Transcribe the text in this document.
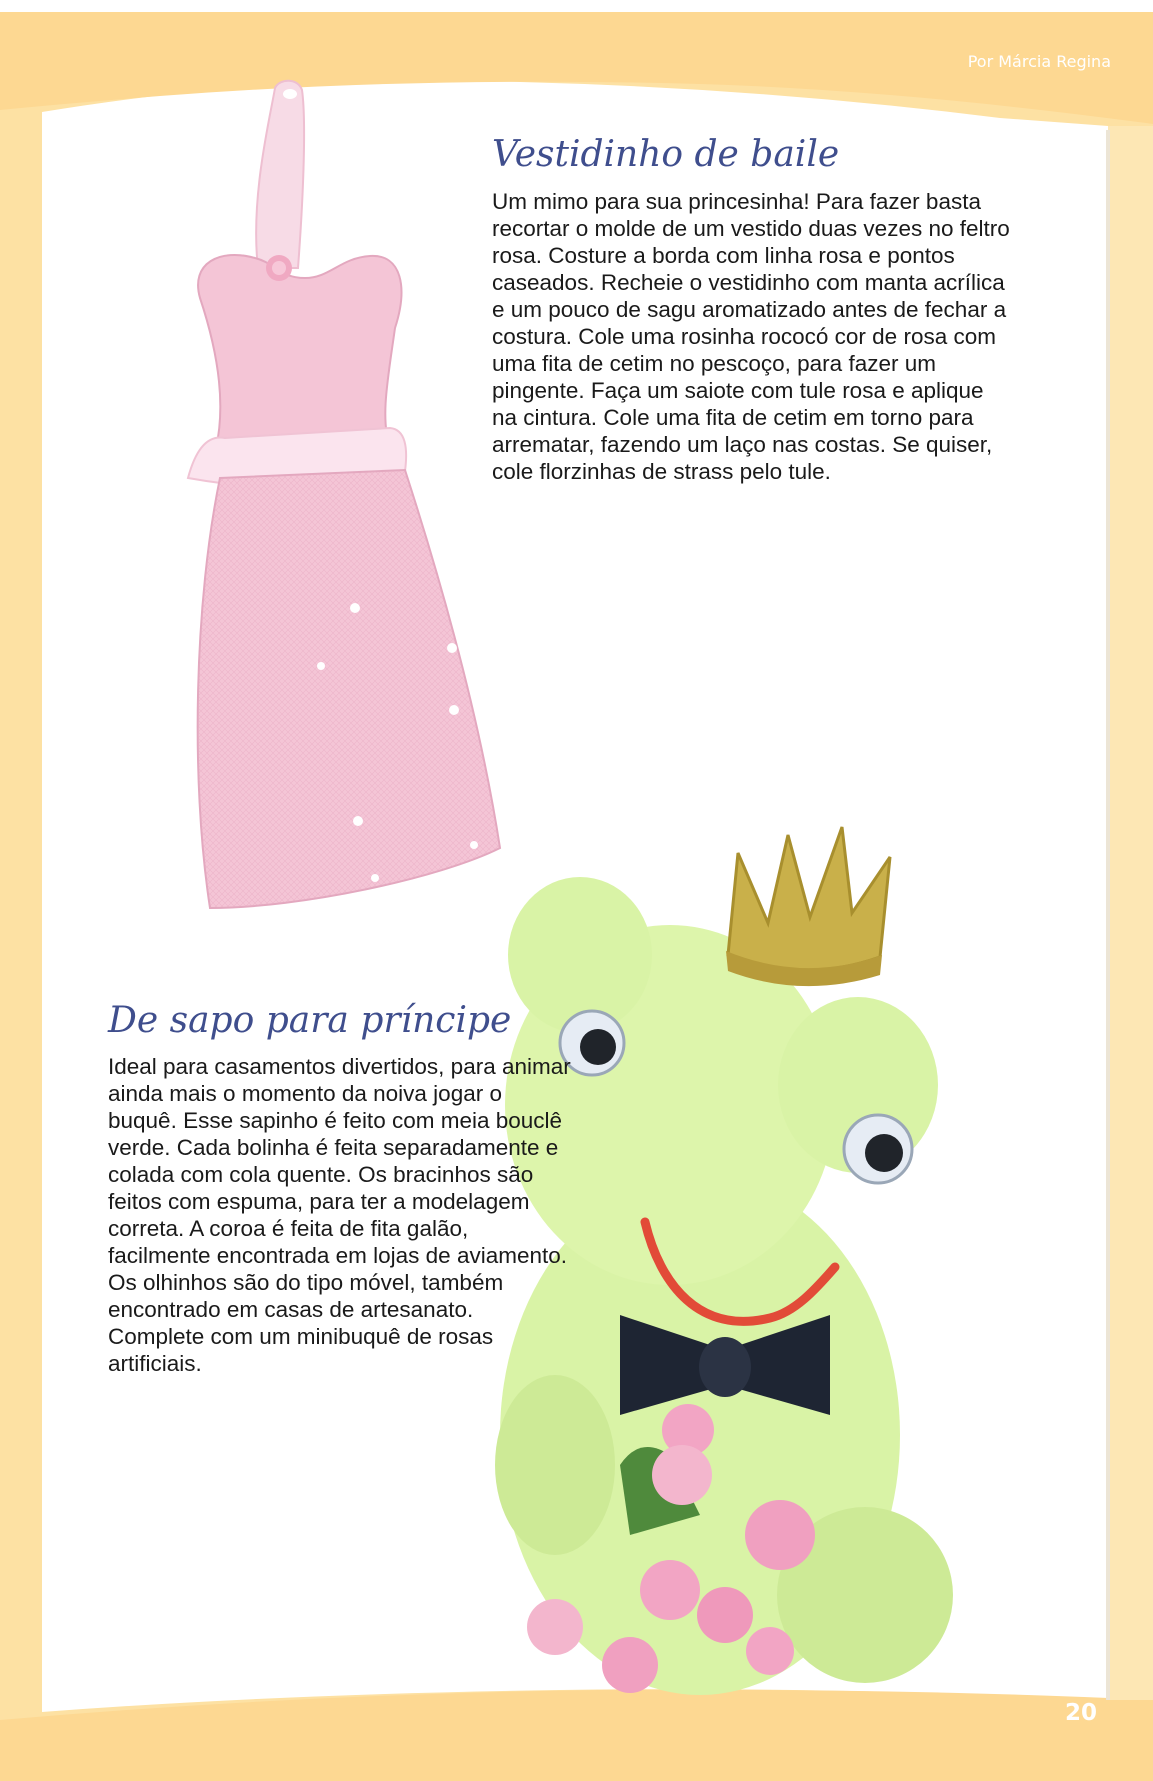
Por Márcia Regina
20
Vestidinho de baile

Um mimo para sua princesinha! Para fazer basta recortar o molde de um vestido duas vezes no feltro rosa. Costure a borda com linha rosa e pontos caseados. Recheie o vestidinho com manta acrílica e um pouco de sagu aromatizado antes de fechar a costura. Cole uma rosinha rococó cor de rosa com uma fita de cetim no pescoço, para fazer um pingente. Faça um saiote com tule rosa e aplique na cintura. Cole uma fita de cetim em torno para arrematar, fazendo um laço nas costas. Se quiser, cole florzinhas de strass pelo tule.

De sapo para príncipe

Ideal para casamentos divertidos, para animar ainda mais o momento da noiva jogar o buquê. Esse sapinho é feito com meia bouclê verde. Cada bolinha é feita separadamente e colada com cola quente. Os bracinhos são feitos com espuma, para ter a modelagem correta. A coroa é feita de fita galão, facilmente encontrada em lojas de aviamento. Os olhinhos são do tipo móvel, também encontrado em casas de artesanato. Complete com um minibuquê de rosas artificiais.
